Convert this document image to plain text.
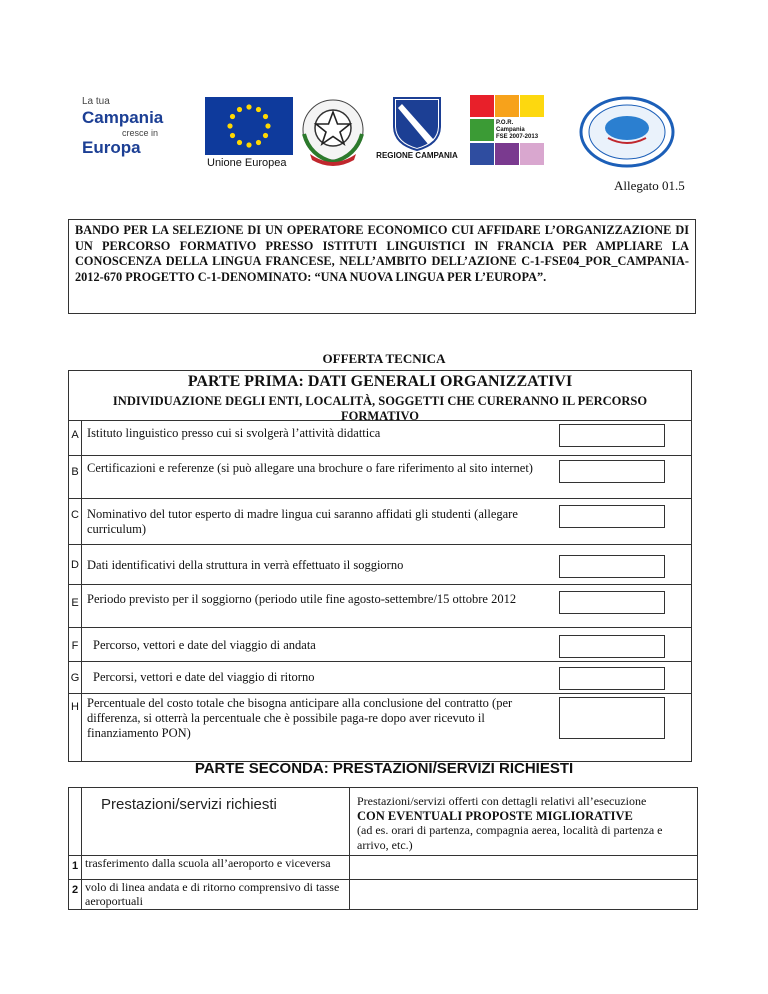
La tua
Campania
cresce in
Europa
Unione Europea
REGIONE CAMPANIA
P.O.R.
Campania
FSE 2007-2013
Allegato 01.5
BANDO PER LA SELEZIONE DI UN OPERATORE ECONOMICO CUI AFFIDARE L’ORGANIZZAZIONE DI UN PERCORSO FORMATIVO PRESSO ISTITUTI LINGUISTICI IN FRANCIA PER AMPLIARE LA CONOSCENZA DELLA LINGUA FRANCESE, NELL’AMBITO DELL’AZIONE C-1-FSE04_POR_CAMPANIA-2012-670 PROGETTO C-1-DENOMINATO: “UNA NUOVA LINGUA PER L’EUROPA”.
OFFERTA TECNICA
PARTE PRIMA: DATI GENERALI ORGANIZZATIVI
INDIVIDUAZIONE DEGLI ENTI, LOCALITÀ, SOGGETTI CHE CURERANNO IL PERCORSO FORMATIVO
A Istituto linguistico presso cui si svolgerà l’attività didattica
B Certificazioni e referenze (si può allegare una brochure o fare riferimento al sito internet)
C Nominativo del tutor esperto di madre lingua cui saranno affidati gli studenti (allegare curriculum)
D Dati identificativi della struttura in verrà effettuato il soggiorno
E Periodo previsto per il soggiorno (periodo utile fine agosto-settembre/15 ottobre 2012
F Percorso, vettori e date del viaggio di andata
G Percorsi, vettori e date del viaggio di ritorno
H Percentuale del costo totale che bisogna anticipare alla conclusione del contratto (per differenza, si otterrà la percentuale che è possibile paga-re dopo aver ricevuto il finanziamento PON)
PARTE SECONDA: PRESTAZIONI/SERVIZI RICHIESTI
Prestazioni/servizi richiesti	Prestazioni/servizi offerti con dettagli relativi all’esecuzione
CON EVENTUALI PROPOSTE MIGLIORATIVE
(ad es. orari di partenza, compagnia aerea, località di partenza e arrivo, etc.)
1 trasferimento dalla scuola all’aeroporto e viceversa
2 volo di linea andata e di ritorno comprensivo di tasse aeroportuali
